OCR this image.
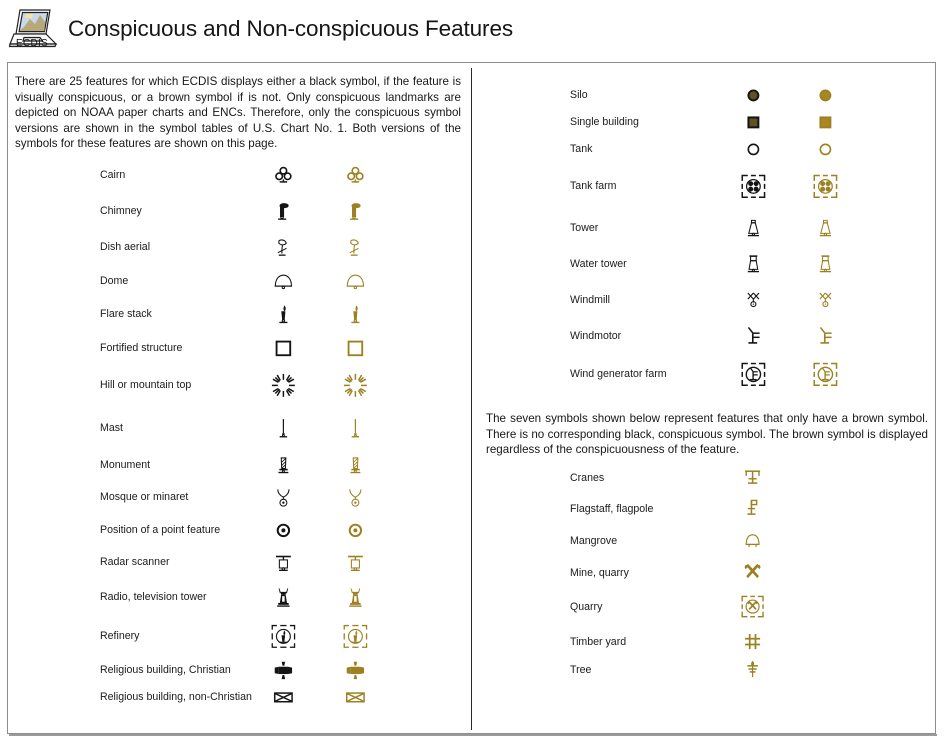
ECDIS
Conspicuous and Non-conspicuous Features
There are 25 features for which ECDIS displays either a black symbol, if the feature is visually conspicuous, or a brown symbol if is not. Only conspicuous landmarks are depicted on NOAA paper charts and ENCs. Therefore, only the conspicuous symbol versions are shown in the symbol tables of U.S. Chart No. 1. Both versions of the symbols for these features are shown on this page.
The seven symbols shown below represent features that only have a brown symbol. There is no corresponding black, conspicuous symbol. The brown symbol is displayed regardless of the conspicuousness of the feature.
Cairn
Chimney
Dish aerial
Dome
Flare stack
Fortified structure
Hill or mountain top
Mast
Monument
Mosque or minaret
Position of a point feature
Radar scanner
Radio, television tower
Refinery
Religious building, Christian
Religious building, non-Christian
Silo
Single building
Tank
Tank farm
Tower
Water tower
Windmill
Windmotor
Wind generator farm
Cranes
Flagstaff, flagpole
Mangrove
Mine, quarry
Quarry
Timber yard
Tree
